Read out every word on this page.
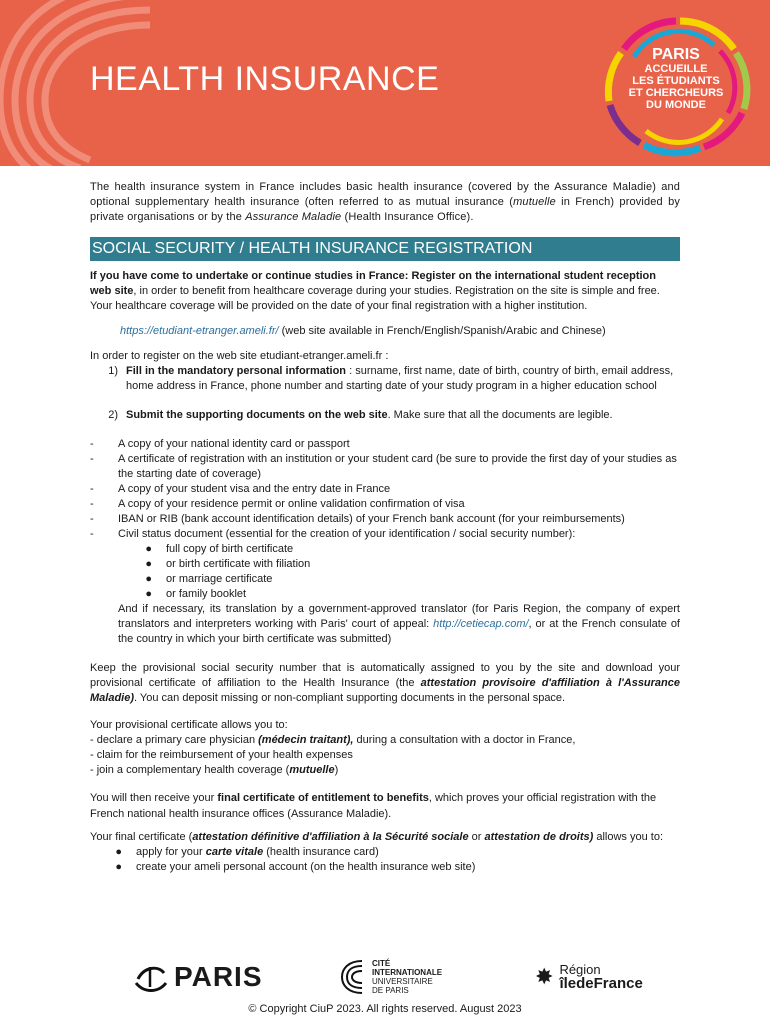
HEALTH INSURANCE
PARIS
ACCUEILLE
LES ÉTUDIANTS
ET CHERCHEURS
DU MONDE

The health insurance system in France includes basic health insurance (covered by the Assurance Maladie) and optional supplementary health insurance (often referred to as mutual insurance (mutuelle in French) provided by private organisations or by the Assurance Maladie (Health Insurance Office).

SOCIAL SECURITY / HEALTH INSURANCE REGISTRATION

If you have come to undertake or continue studies in France: Register on the international student reception web site, in order to benefit from healthcare coverage during your studies. Registration on the site is simple and free. Your healthcare coverage will be provided on the date of your final registration with a higher institution.

https://etudiant-etranger.ameli.fr/ (web site available in French/English/Spanish/Arabic and Chinese)

In order to register on the web site etudiant-etranger.ameli.fr :

1) Fill in the mandatory personal information : surname, first name, date of birth, country of birth, email address, home address in France, phone number and starting date of your study program in a higher education school
2) Submit the supporting documents on the web site. Make sure that all the documents are legible.
-	A copy of your national identity card or passport
-	A certificate of registration with an institution or your student card (be sure to provide the first day of your studies as the starting date of coverage)
-	A copy of your student visa and the entry date in France
-	A copy of your residence permit or online validation confirmation of visa
-	IBAN or RIB (bank account identification details) of your French bank account (for your reimbursements)
-	Civil status document (essential for the creation of your identification / social security number):
●	full copy of birth certificate
●	or birth certificate with filiation
●	or marriage certificate
●	or family booklet

And if necessary, its translation by a government-approved translator (for Paris Region, the company of expert translators and interpreters working with Paris' court of appeal: http://cetiecap.com/, or at the French consulate of the country in which your birth certificate was submitted)

Keep the provisional social security number that is automatically assigned to you by the site and download your provisional certificate of affiliation to the Health Insurance (the attestation provisoire d'affiliation à l'Assurance Maladie). You can deposit missing or non-compliant supporting documents in the personal space.

Your provisional certificate allows you to:

- declare a primary care physician (médecin traitant), during a consultation with a doctor in France,

- claim for the reimbursement of your health expenses

- join a complementary health coverage (mutuelle)

You will then receive your final certificate of entitlement to benefits, which proves your official registration with the French national health insurance offices (Assurance Maladie).

Your final certificate (attestation définitive d'affiliation à la Sécurité sociale or attestation de droits) allows you to:

●	apply for your carte vitale (health insurance card)
●	create your ameli personal account (on the health insurance web site)
PARIS	CITÉ
INTERNATIONALE
UNIVERSITAIRE
DE PARIS
✸ Région
îledeFrance
© Copyright CiuP 2023. All rights reserved. August 2023
